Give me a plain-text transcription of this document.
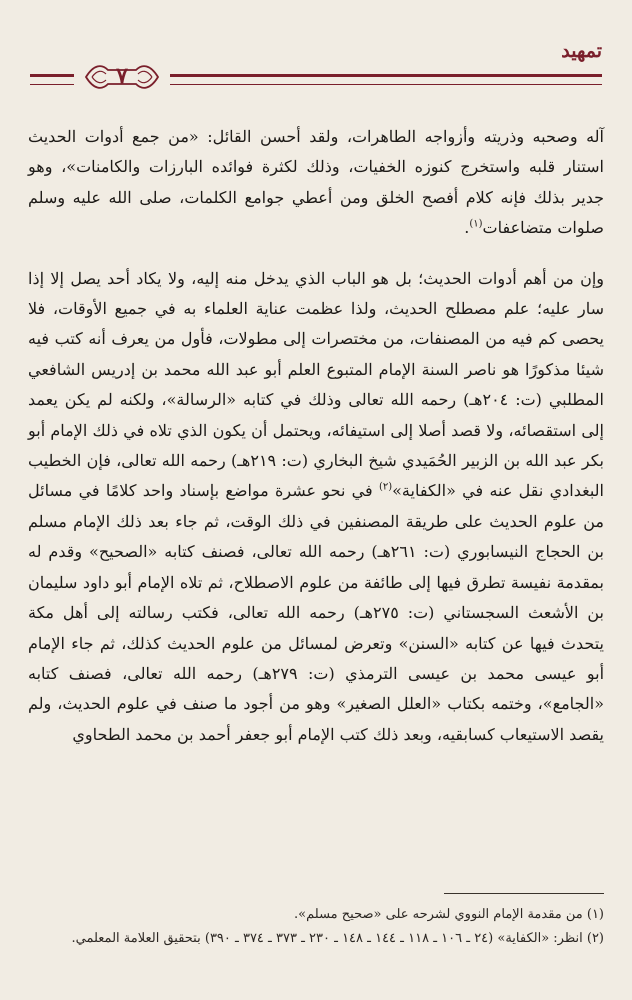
تمهيد
٧

آله وصحبه وذريته وأزواجه الطاهرات، ولقد أحسن القائل: «من جمع أدوات الحديث استنار قلبه واستخرج كنوزه الخفيات، وذلك لكثرة فوائده البارزات والكامنات»، وهو جدير بذلك فإنه كلام أفصح الخلق ومن أعطي جوامع الكلمات، صلى الله عليه وسلم صلوات متضاعفات$^{(١)}$.

وإن من أهم أدوات الحديث؛ بل هو الباب الذي يدخل منه إليه، ولا يكاد أحد يصل إلا إذا سار عليه؛ علم مصطلح الحديث، ولذا عظمت عناية العلماء به في جميع الأوقات، فلا يحصى كم فيه من المصنفات، من مختصرات إلى مطولات، فأول من يعرف أنه كتب فيه شيئا مذكورًا هو ناصر السنة الإمام المتبوع العلم أبو عبد الله محمد بن إدريس الشافعي المطلبي (ت: ٢٠٤هـ) رحمه الله تعالى وذلك في كتابه «الرسالة»، ولكنه لم يكن يعمد إلى استقصائه، ولا قصد أصلا إلى استيفائه، ويحتمل أن يكون الذي تلاه في ذلك الإمام أبو بكر عبد الله بن الزبير الحُمَيدي شيخ البخاري (ت: ٢١٩هـ) رحمه الله تعالى، فإن الخطيب البغدادي نقل عنه في «الكفاية»$^{(٢)}$ في نحو عشرة مواضع بإسناد واحد كلامًا في مسائل من علوم الحديث على طريقة المصنفين في ذلك الوقت، ثم جاء بعد ذلك الإمام مسلم بن الحجاج النيسابوري (ت: ٢٦١هـ) رحمه الله تعالى، فصنف كتابه «الصحيح» وقدم له بمقدمة نفيسة تطرق فيها إلى طائفة من علوم الاصطلاح، ثم تلاه الإمام أبو داود سليمان بن الأشعث السجستاني (ت: ٢٧٥هـ) رحمه الله تعالى، فكتب رسالته إلى أهل مكة يتحدث فيها عن كتابه «السنن» وتعرض لمسائل من علوم الحديث كذلك، ثم جاء الإمام أبو عيسى محمد بن عيسى الترمذي (ت: ٢٧٩هـ) رحمه الله تعالى، فصنف كتابه «الجامع»، وختمه بكتاب «العلل الصغير» وهو من أجود ما صنف في علوم الحديث، ولم يقصد الاستيعاب كسابقيه، وبعد ذلك كتب الإمام أبو جعفر أحمد بن محمد الطحاوي

(١) من مقدمة الإمام النووي لشرحه على «صحيح مسلم».

(٢) انظر: «الكفاية» (٢٤ ـ ١٠٦ ـ ١١٨ ـ ١٤٤ ـ ١٤٨ ـ ٢٣٠ ـ ٣٧٣ ـ ٣٧٤ ـ ٣٩٠) بتحقيق العلامة المعلمي.
